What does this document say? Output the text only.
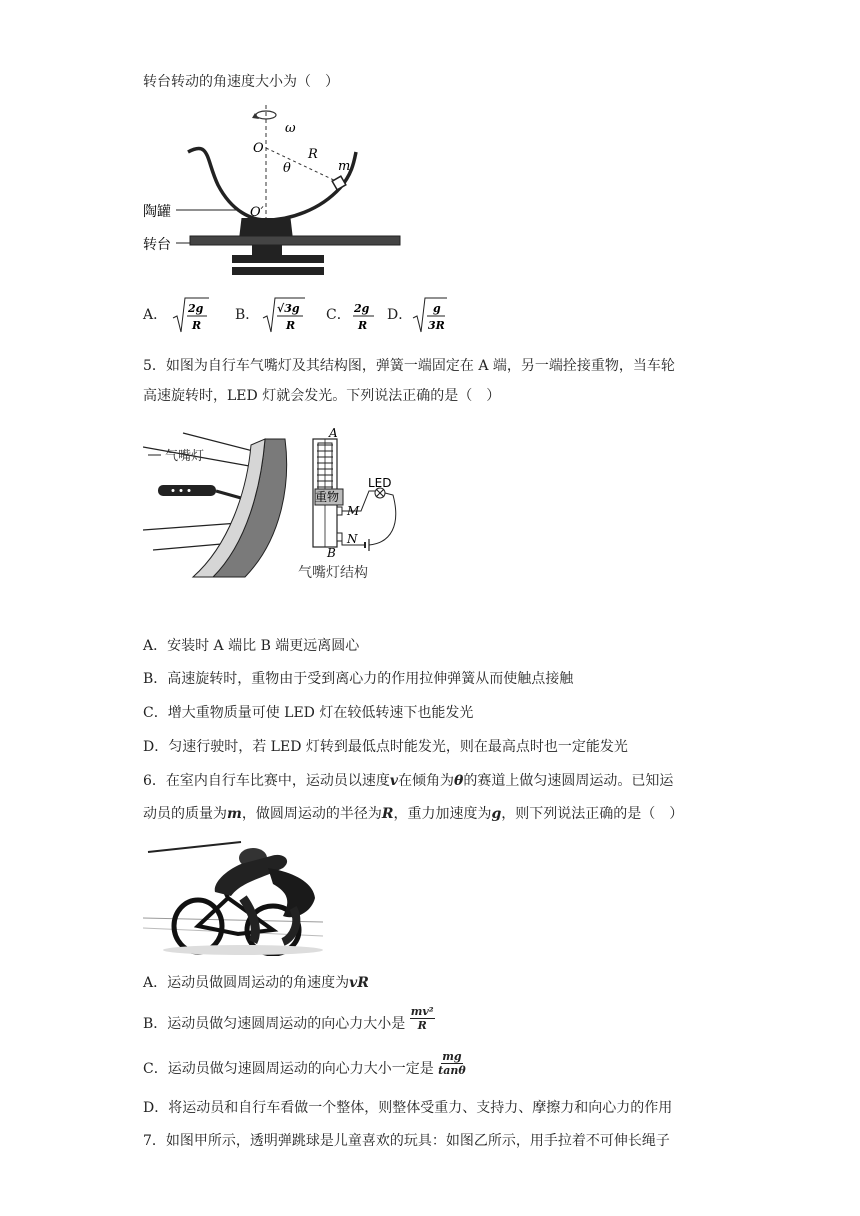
转台转动的角速度大小为（　）
ω
O	R
m
θ
O′
陶罐
转台
A． 2g
R
B． √3g
R
C． 2g
R
D． g
3R
5．如图为自行车气嘴灯及其结构图，弹簧一端固定在 A 端，另一端拴接重物，当车轮
高速旋转时，LED 灯就会发光。下列说法正确的是（　）
气嘴灯
A
重物
LED
M
B
N
气嘴灯结构
A．安装时 A 端比 B 端更远离圆心
B．高速旋转时，重物由于受到离心力的作用拉伸弹簧从而使触点接触
C．增大重物质量可使 LED 灯在较低转速下也能发光
D．匀速行驶时，若 LED 灯转到最低点时能发光，则在最高点时也一定能发光
6．在室内自行车比赛中，运动员以速度v在倾角为θ的赛道上做匀速圆周运动。已知运
动员的质量为m，做圆周运动的半径为R，重力加速度为g，则下列说法正确的是（　）
A．运动员做圆周运动的角速度为vR
B．运动员做匀速圆周运动的向心力大小是 $\frac{\text{mv²}}{R}$
C．运动员做匀速圆周运动的向心力大小一定是 $\frac{mg}{\tan\theta}$
D．将运动员和自行车看做一个整体，则整体受重力、支持力、摩擦力和向心力的作用
7．如图甲所示，透明弹跳球是儿童喜欢的玩具：如图乙所示，用手拉着不可伸长绳子
